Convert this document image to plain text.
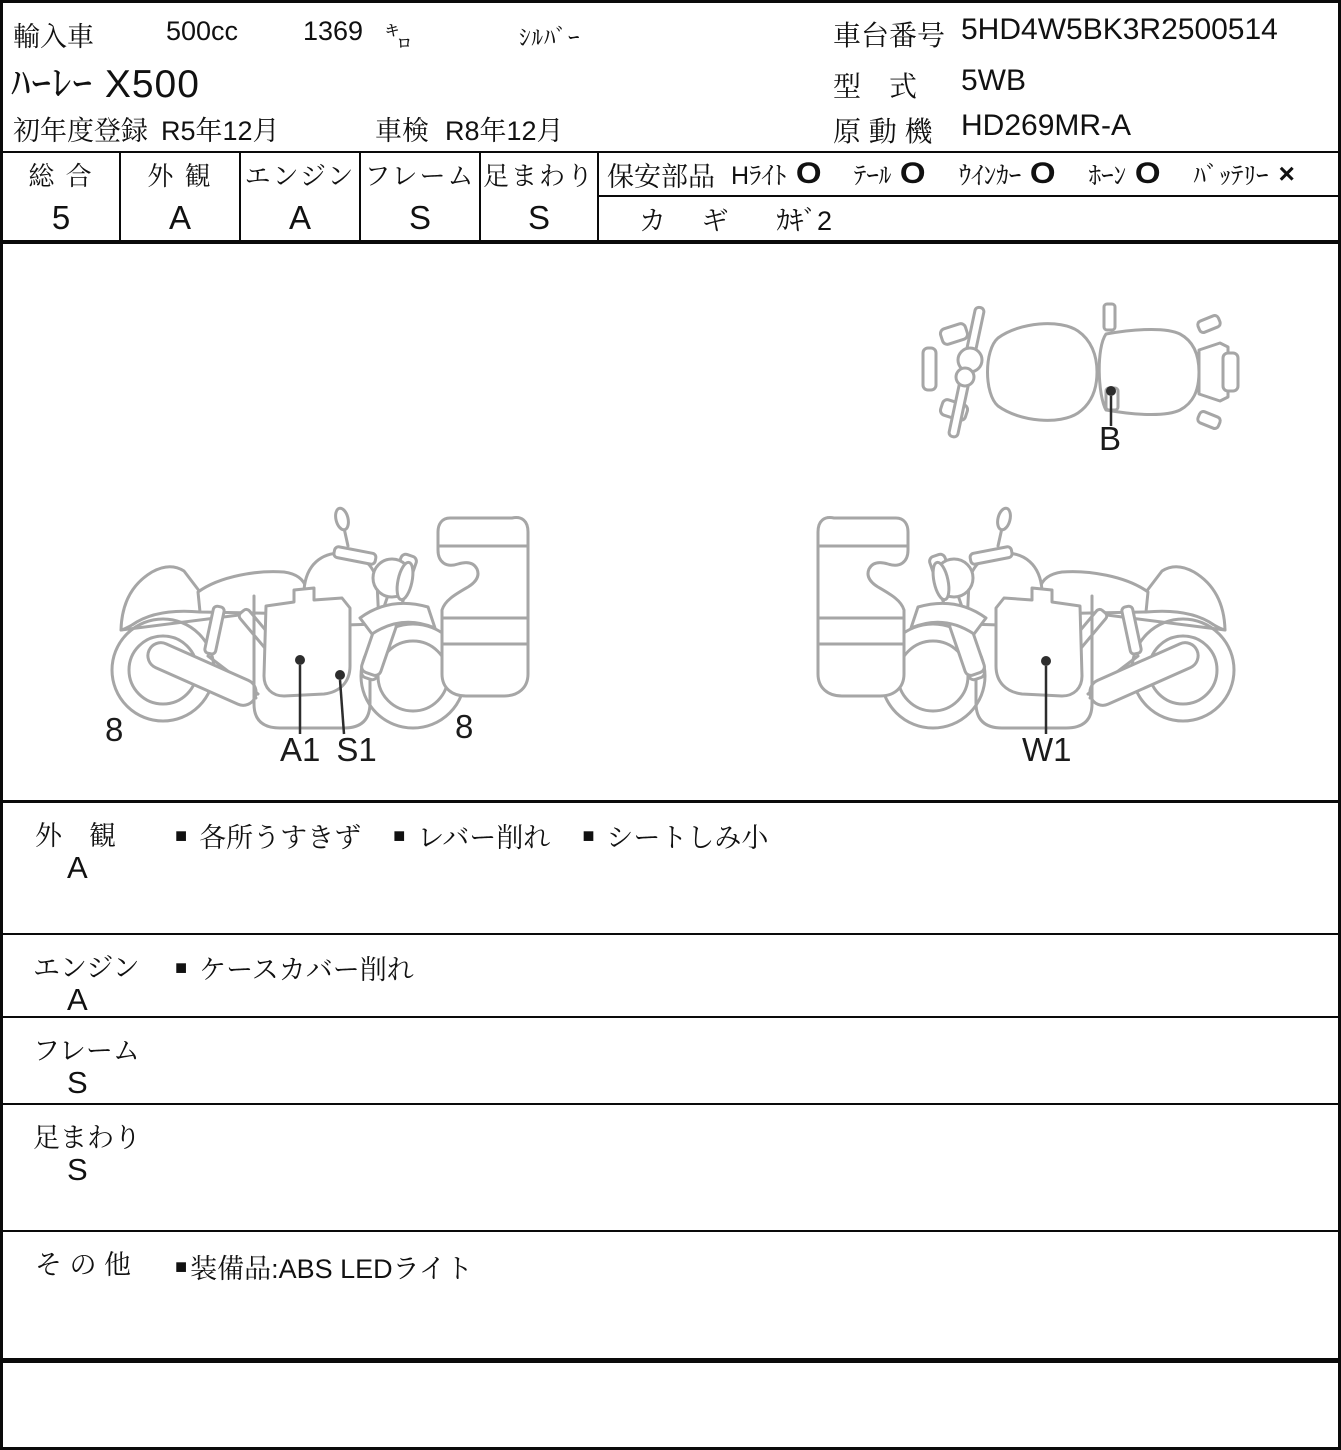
輸入車	500cc 1369 ㌔	ｼﾙﾊﾞｰ	車台番号 5HD4W5BK3R2500514
ﾊｰﾚｰ X500	型　式 5WB
初年度登録 R5年12月	車検 R8年12月	原 動 機 HD269MR-A
総 合
5
外 観
A
エンジン
A
フレーム
S
足まわり
S
保安部品 Hﾗｲﾄ O ﾃｰﾙ O ｳｲﾝｶｰ O ﾎｰﾝ O ﾊﾞｯﾃﾘｰ ×
カ ギ ｶｷﾞ2
B
8
A1 S1
8
W1
外　観
A
■ 各所うすきず ■ レバー削れ ■ シートしみ小
エンジン
A
■ ケースカバー削れ
フレーム
S
足まわり
S
そ の 他 ■ 装備品:ABS LEDライト
